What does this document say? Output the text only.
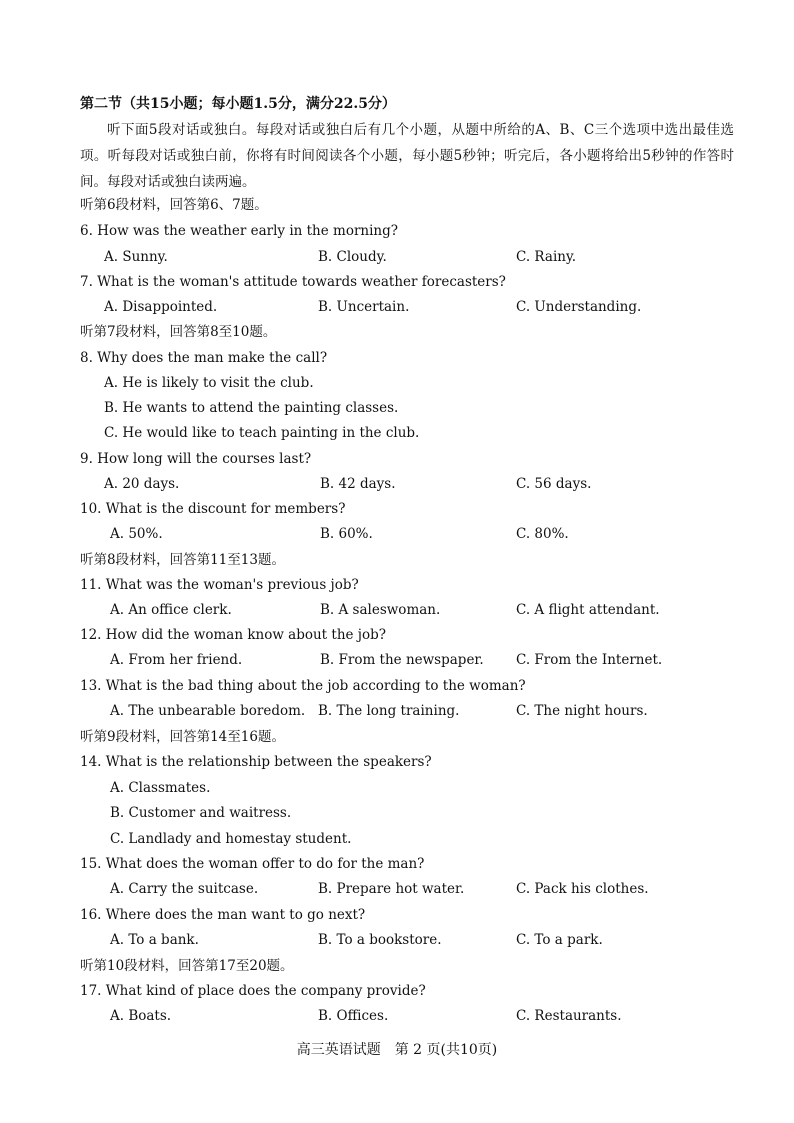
第二节（共15小题；每小题1.5分，满分22.5分）
听下面5段对话或独白。每段对话或独白后有几个小题，从题中所给的A、B、C三个选项中选出最佳选项。听每段对话或独白前，你将有时间阅读各个小题，每小题5秒钟；听完后，各小题将给出5秒钟的作答时间。每段对话或独白读两遍。
听第6段材料，回答第6、7题。
6. How was the weather early in the morning?
A. Sunny.	B. Cloudy.	C. Rainy.
7. What is the woman's attitude towards weather forecasters?
A. Disappointed.	B. Uncertain.	C. Understanding.
听第7段材料，回答第8至10题。
8. Why does the man make the call?
A. He is likely to visit the club.
B. He wants to attend the painting classes.
C. He would like to teach painting in the club.
9. How long will the courses last?
A. 20 days.	B. 42 days.	C. 56 days.
10. What is the discount for members?
A. 50%.	B. 60%.	C. 80%.
听第8段材料，回答第11至13题。
11. What was the woman's previous job?
A. An office clerk.	B. A saleswoman.	C. A flight attendant.
12. How did the woman know about the job?
A. From her friend.	B. From the newspaper. C. From the Internet.
13. What is the bad thing about the job according to the woman?
A. The unbearable boredom. B. The long training.	C. The night hours.
听第9段材料，回答第14至16题。
14. What is the relationship between the speakers?
A. Classmates.
B. Customer and waitress.
C. Landlady and homestay student.
15. What does the woman offer to do for the man?
A. Carry the suitcase.	B. Prepare hot water.	C. Pack his clothes.
16. Where does the man want to go next?
A. To a bank.	B. To a bookstore.	C. To a park.
听第10段材料，回答第17至20题。
17. What kind of place does the company provide?
A. Boats.	B. Offices.	C. Restaurants.
高三英语试题　第 2 页(共10页)
